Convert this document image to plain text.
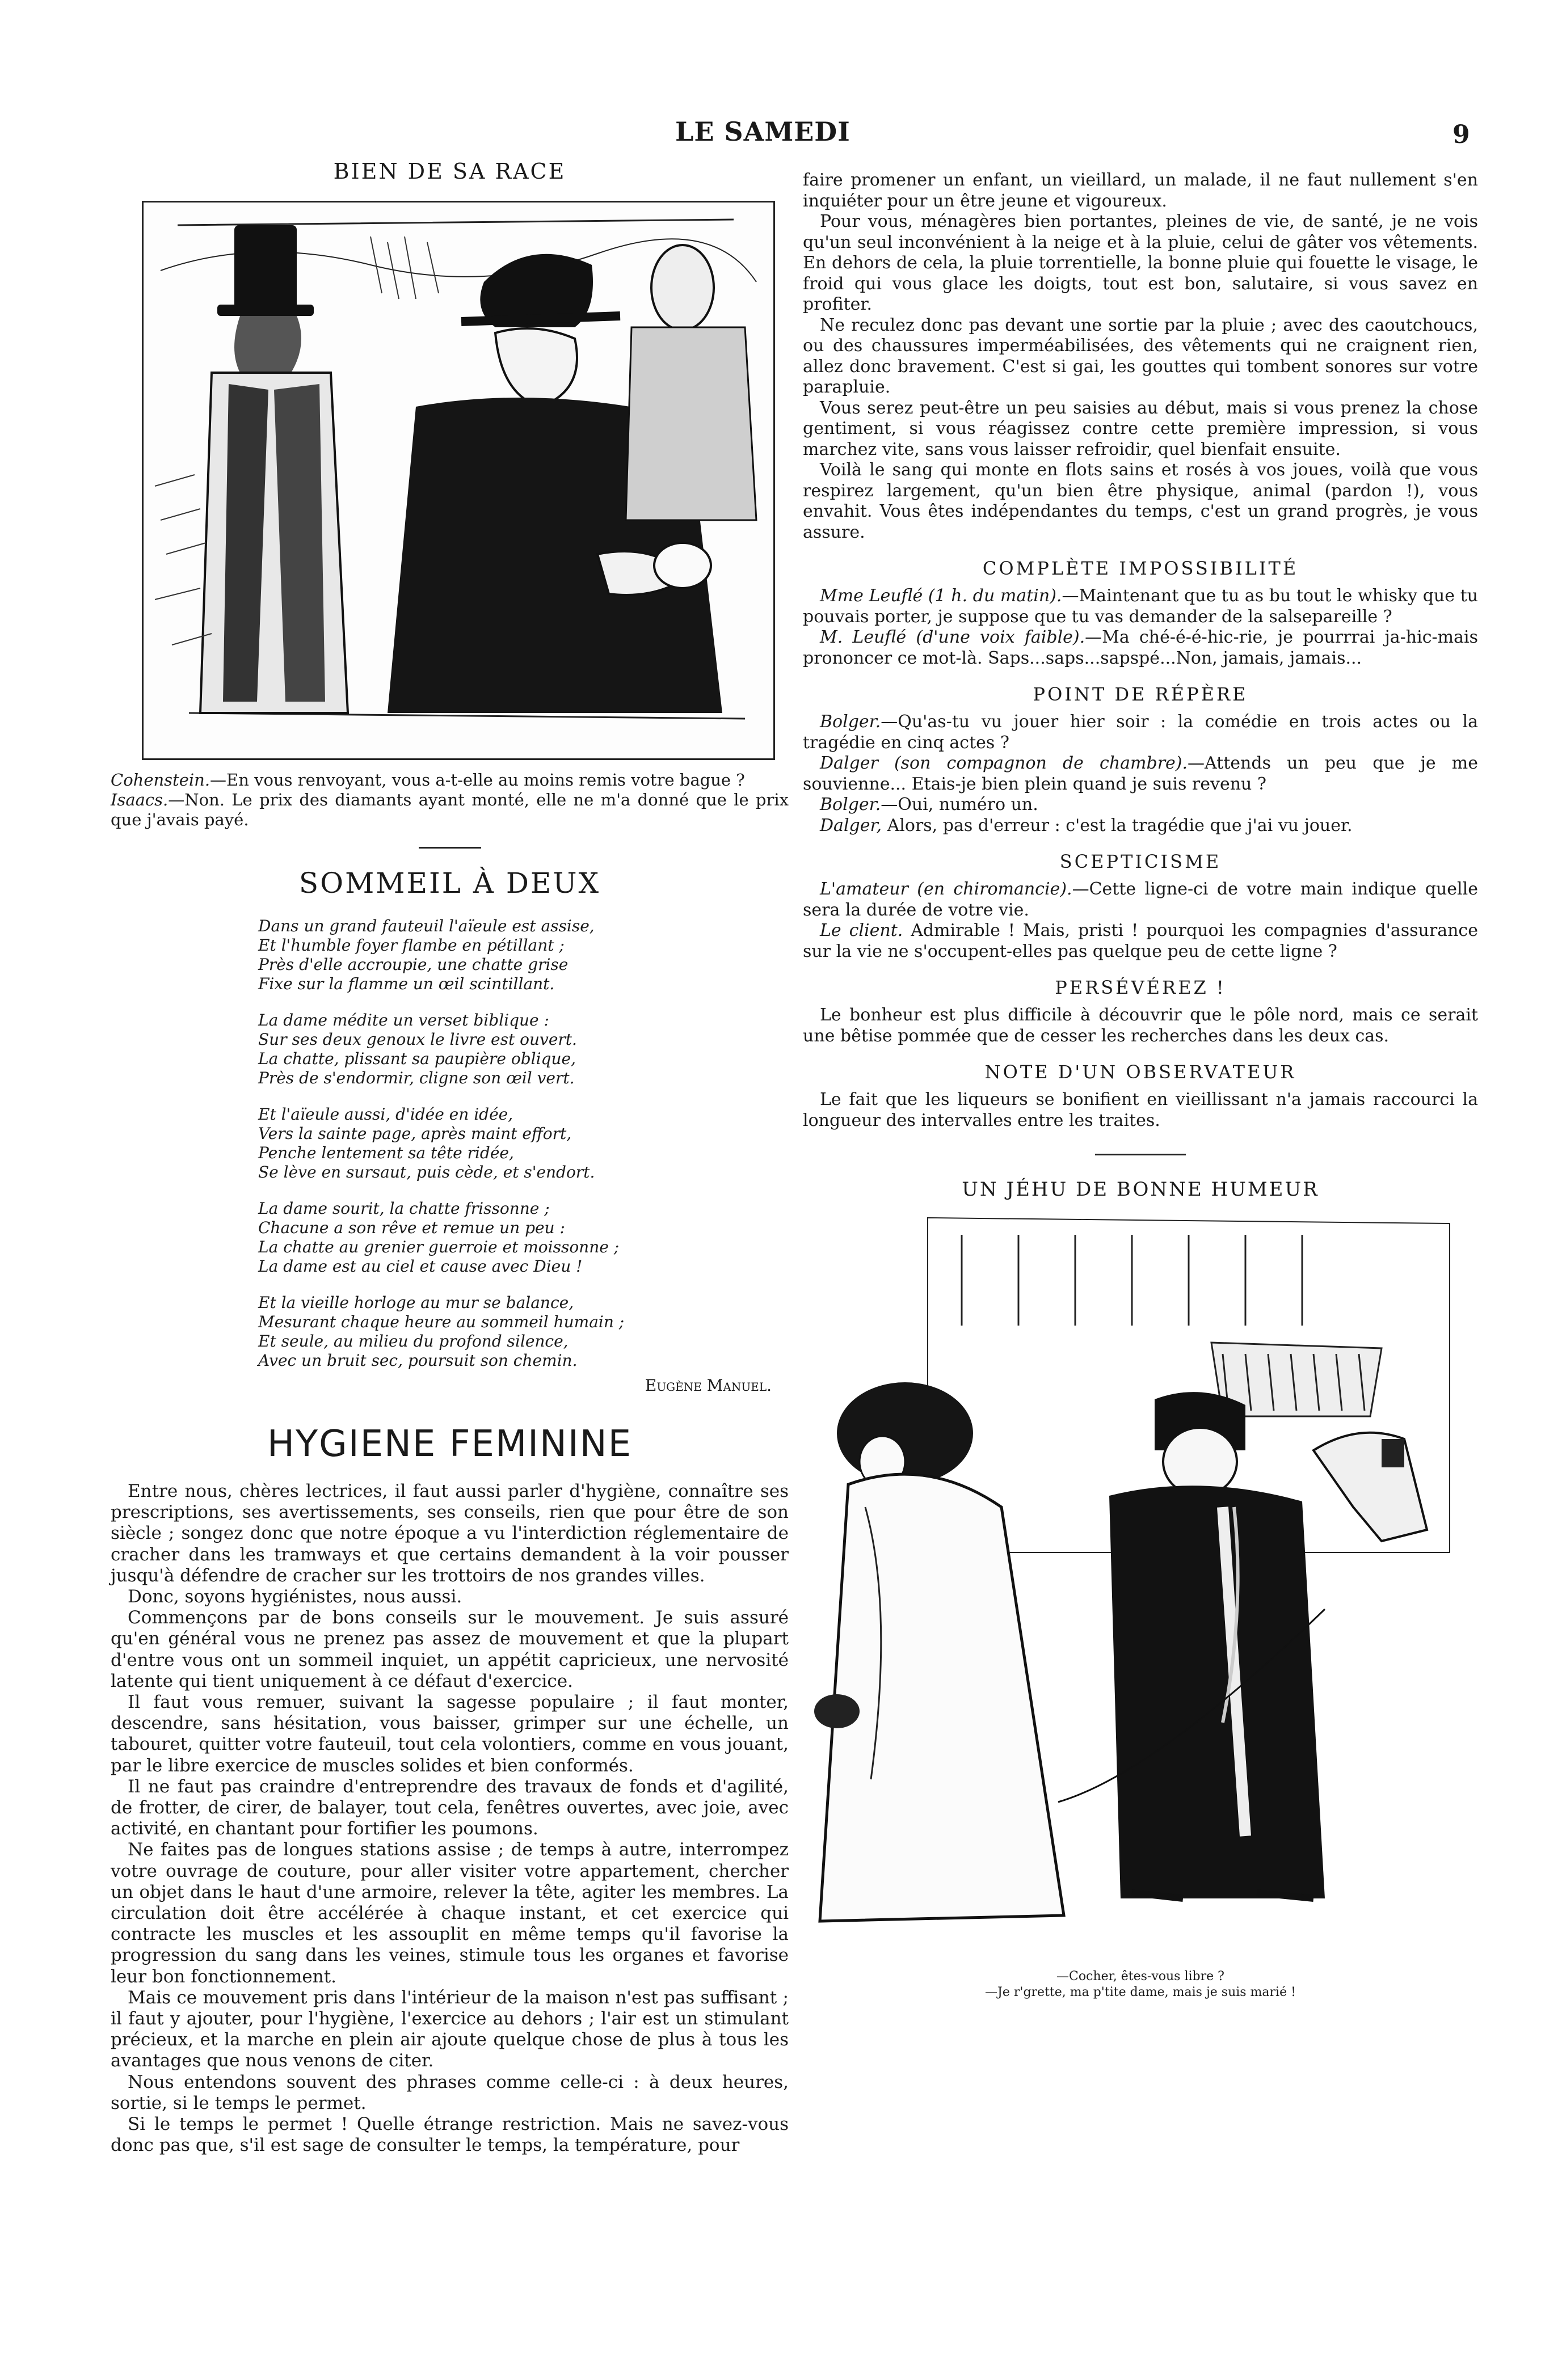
LE SAMEDI	9
BIEN DE SA RACE
Cohenstein.—En vous renvoyant, vous a-t-elle au moins remis votre bague ?
Isaacs.—Non. Le prix des diamants ayant monté, elle ne m'a donné que le prix que j'avais payé.
SOMMEIL À DEUX
Dans un grand fauteuil l'aïeule est assise,
Et l'humble foyer flambe en pétillant ;
Près d'elle accroupie, une chatte grise
Fixe sur la flamme un œil scintillant.
La dame médite un verset biblique :
Sur ses deux genoux le livre est ouvert.
La chatte, plissant sa paupière oblique,
Près de s'endormir, cligne son œil vert.
Et l'aïeule aussi, d'idée en idée,
Vers la sainte page, après maint effort,
Penche lentement sa tête ridée,
Se lève en sursaut, puis cède, et s'endort.
La dame sourit, la chatte frissonne ;
Chacune a son rêve et remue un peu :
La chatte au grenier guerroie et moissonne ;
La dame est au ciel et cause avec Dieu !
Et la vieille horloge au mur se balance,
Mesurant chaque heure au sommeil humain ;
Et seule, au milieu du profond silence,
Avec un bruit sec, poursuit son chemin.
Eugène Manuel.
HYGIENE FEMININE

Entre nous, chères lectrices, il faut aussi parler d'hygiène, connaître ses prescriptions, ses avertissements, ses conseils, rien que pour être de son siècle ; songez donc que notre époque a vu l'interdiction réglementaire de cracher dans les tramways et que certains demandent à la voir pousser jusqu'à défendre de cracher sur les trottoirs de nos grandes villes.

Donc, soyons hygiénistes, nous aussi.

Commençons par de bons conseils sur le mouvement. Je suis assuré qu'en général vous ne prenez pas assez de mouvement et que la plupart d'entre vous ont un sommeil inquiet, un appétit capricieux, une nervosité latente qui tient uniquement à ce défaut d'exercice.

Il faut vous remuer, suivant la sagesse populaire ; il faut monter, descendre, sans hésitation, vous baisser, grimper sur une échelle, un tabouret, quitter votre fauteuil, tout cela volontiers, comme en vous jouant, par le libre exercice de muscles solides et bien conformés.

Il ne faut pas craindre d'entreprendre des travaux de fonds et d'agilité, de frotter, de cirer, de balayer, tout cela, fenêtres ouvertes, avec joie, avec activité, en chantant pour fortifier les poumons.

Ne faites pas de longues stations assise ; de temps à autre, interrompez votre ouvrage de couture, pour aller visiter votre appartement, chercher un objet dans le haut d'une armoire, relever la tête, agiter les membres. La circulation doit être accélérée à chaque instant, et cet exercice qui contracte les muscles et les assouplit en même temps qu'il favorise la progression du sang dans les veines, stimule tous les organes et favorise leur bon fonctionnement.

Mais ce mouvement pris dans l'intérieur de la maison n'est pas suffisant ; il faut y ajouter, pour l'hygiène, l'exercice au dehors ; l'air est un stimulant précieux, et la marche en plein air ajoute quelque chose de plus à tous les avantages que nous venons de citer.

Nous entendons souvent des phrases comme celle-ci : à deux heures, sortie, si le temps le permet.

Si le temps le permet ! Quelle étrange restriction. Mais ne savez-vous donc pas que, s'il est sage de consulter le temps, la température, pour

faire promener un enfant, un vieillard, un malade, il ne faut nullement s'en inquiéter pour un être jeune et vigoureux.

Pour vous, ménagères bien portantes, pleines de vie, de santé, je ne vois qu'un seul inconvénient à la neige et à la pluie, celui de gâter vos vêtements. En dehors de cela, la pluie torrentielle, la bonne pluie qui fouette le visage, le froid qui vous glace les doigts, tout est bon, salutaire, si vous savez en profiter.

Ne reculez donc pas devant une sortie par la pluie ; avec des caoutchoucs, ou des chaussures imperméabilisées, des vêtements qui ne craignent rien, allez donc bravement. C'est si gai, les gouttes qui tombent sonores sur votre parapluie.

Vous serez peut-être un peu saisies au début, mais si vous prenez la chose gentiment, si vous réagissez contre cette première impression, si vous marchez vite, sans vous laisser refroidir, quel bienfait ensuite.

Voilà le sang qui monte en flots sains et rosés à vos joues, voilà que vous respirez largement, qu'un bien être physique, animal (pardon !), vous envahit. Vous êtes indépendantes du temps, c'est un grand progrès, je vous assure.

COMPLÈTE IMPOSSIBILITÉ

Mme Leuflé (1 h. du matin).—Maintenant que tu as bu tout le whisky que tu pouvais porter, je suppose que tu vas demander de la salsepareille ?

M. Leuflé (d'une voix faible).—Ma ché-é-é-hic-rie, je pourrrai ja-hic-mais prononcer ce mot-là. Saps...saps...sapspé...Non, jamais, jamais...

POINT DE RÉPÈRE

Bolger.—Qu'as-tu vu jouer hier soir : la comédie en trois actes ou la tragédie en cinq actes ?

Dalger (son compagnon de chambre).—Attends un peu que je me souvienne... Etais-je bien plein quand je suis revenu ?

Bolger.—Oui, numéro un.

Dalger, Alors, pas d'erreur : c'est la tragédie que j'ai vu jouer.

SCEPTICISME

L'amateur (en chiromancie).—Cette ligne-ci de votre main indique quelle sera la durée de votre vie.

Le client. Admirable ! Mais, pristi ! pourquoi les compagnies d'assurance sur la vie ne s'occupent-elles pas quelque peu de cette ligne ?

PERSÉVÉREZ !

Le bonheur est plus difficile à découvrir que le pôle nord, mais ce serait une bêtise pommée que de cesser les recherches dans les deux cas.

NOTE D'UN OBSERVATEUR

Le fait que les liqueurs se bonifient en vieillissant n'a jamais raccourci la longueur des intervalles entre les traites.

UN JÉHU DE BONNE HUMEUR
—Cocher, êtes-vous libre ?
—Je r'grette, ma p'tite dame, mais je suis marié !
